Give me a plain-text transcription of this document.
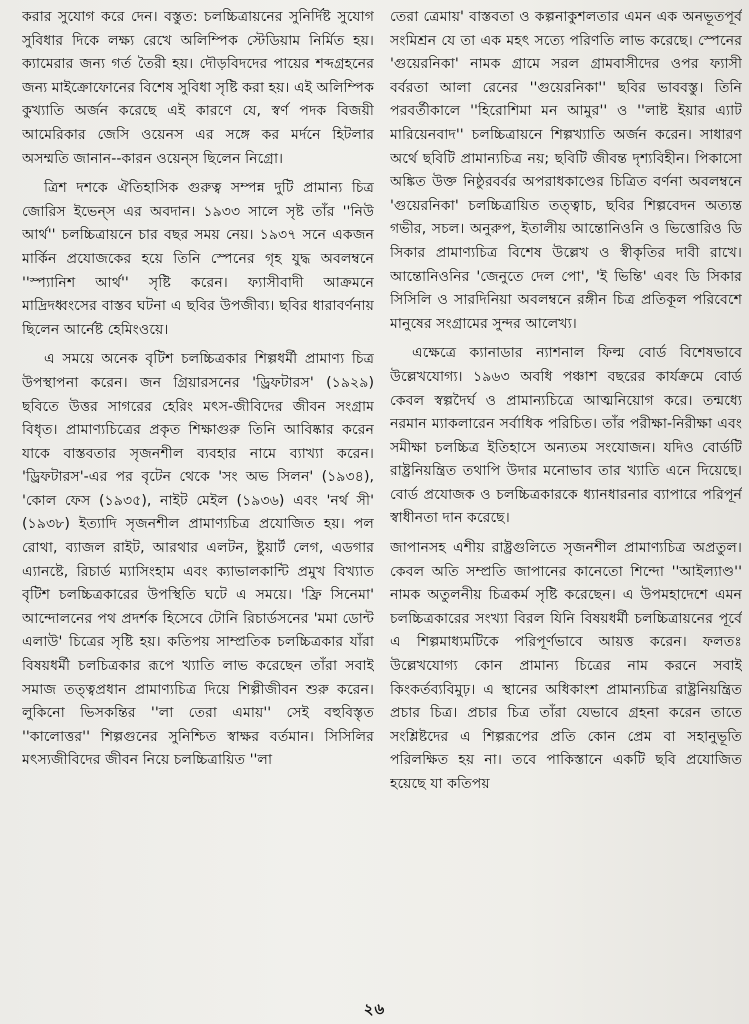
করার সুযোগ করে দেন। বস্তুত: চলচ্চিত্রায়নের সুনির্দিষ্ট সুযোগ সুবিধার দিকে লক্ষ্য রেখে অলিম্পিক স্টেডিয়াম নির্মিত হয়। ক্যামেরার জন্য গর্ত তৈরী হয়। দৌড়বিদদের পায়ের শব্দগ্রহনের জন্য মাইক্রোফোনের বিশেষ সুবিধা সৃষ্টি করা হয়। এই অলিম্পিক কুখ্যাতি অর্জন করেছে এই কারণে যে, স্বর্ণ পদক বিজয়ী আমেরিকার জেসি ওয়েনস এর সঙ্গে কর মর্দনে হিটলার অসম্মতি জানান--কারন ওয়েন্‌স ছিলেন নিগ্রো।

ত্রিশ দশকে ঐতিহাসিক গুরুত্ব সম্পন্ন দুটি প্রামান্য চিত্র জোরিস ইভেন্‌স এর অবদান। ১৯৩৩ সালে সৃষ্ট তাঁর ''নিউ আর্থ'' চলচ্চিত্রায়নে চার বছর সময় নেয়। ১৯৩৭ সনে একজন মার্কিন প্রযোজকের হয়ে তিনি স্পেনের গৃহ যুদ্ধ অবলম্বনে ''স্প্যানিশ আর্থ'' সৃষ্টি করেন। ফ্যাসীবাদী আক্রমনে মাদ্রিদধ্বংসের বাস্তব ঘটনা এ ছবির উপজীব্য। ছবির ধারাবর্ণনায় ছিলেন আর্নেষ্ট হেমিংওয়ে।

এ সময়ে অনেক বৃটিশ চলচ্চিত্রকার শিল্পধর্মী প্রামাণ্য চিত্র উপস্থাপনা করেন। জন গ্রিয়ারসনের 'ড্রিফটারস' (১৯২৯) ছবিতে উত্তর সাগরের হেরিং মৎস-জীবিদের জীবন সংগ্রাম বিধৃত। প্রামাণ্যচিত্রের প্রকৃত শিক্ষাগুরু তিনি আবিষ্কার করেন যাকে বাস্তবতার সৃজনশীল ব্যবহার নামে ব্যাখ্যা করেন। 'ড্রিফটারস'-এর পর বৃটেন থেকে 'সং অভ সিলন' (১৯৩৪), 'কোল ফেস (১৯৩৫), নাইট মেইল (১৯৩৬) এবং 'নর্থ সী' (১৯৩৮) ইত্যাদি সৃজনশীল প্রামাণ্যচিত্র প্রযোজিত হয়। পল রোথা, ব্যাজল রাইট, আরথার এলটন, ষ্টুয়ার্ট লেগ, এডগার এ্যানষ্টে, রিচার্ড ম্যাসিংহাম এবং ক্যাভালকান্টি প্রমুখ বিখ্যাত বৃটিশ চলচ্চিত্রকারের উপস্থিতি ঘটে এ সময়ে। 'ফ্রি সিনেমা' আন্দোলনের পথ প্রদর্শক হিসেবে টোনি রিচার্ডসনের 'মমা ডোন্ট এলাউ' চিত্রের সৃষ্টি হয়। কতিপয় সাম্প্রতিক চলচ্চিত্রকার যাঁরা বিষয়ধর্মী চলচিত্রকার রূপে খ্যাতি লাভ করেছেন তাঁরা সবাই সমাজ তত্ত্বপ্রধান প্রামাণ্যচিত্র দিয়ে শিল্পীজীবন শুরু করেন। লুকিনো ভিসকন্তির ''লা তেরা এমায়'' সেই বহুবিস্তৃত ''কালোত্তর'' শিল্পগুনের সুনিশ্চিত স্বাক্ষর বর্তমান। সিসিলির মৎস্যজীবিদের জীবন নিয়ে চলচ্চিত্রায়িত ''লা

তেরা ত্রেমায়' বাস্তবতা ও কল্পনাকুশলতার এমন এক অনভূতপূর্ব সংমিশ্রন যে তা এক মহৎ সত্যে পরিণতি লাভ করেছে। স্পেনের 'গুয়েরনিকা' নামক গ্রামে সরল গ্রামবাসীদের ওপর ফ্যাসী বর্বরতা আলা রেনের ''গুয়েরনিকা'' ছবির ভাববস্তু। তিনি পরবর্তীকালে ''হিরোশিমা মন আমুর'' ও ''লাষ্ট ইয়ার এ্যাট মারিয়েনবাদ'' চলচ্চিত্রায়নে শিল্পখ্যাতি অর্জন করেন। সাধারণ অর্থে ছবিটি প্রামান্যচিত্র নয়; ছবিটি জীবন্ত দৃশ্যবিহীন। পিকাসো অঙ্কিত উক্ত নিষ্ঠুরবর্বর অপরাধকাণ্ডের চিত্রিত বর্ণনা অবলম্বনে 'গুয়েরনিকা' চলচ্চিত্রায়িত তত্ত্বাচ, ছবির শিল্পবেদন অত্যন্ত গভীর, সচল। অনুরুপ, ইতালীয় আন্তোনিওনি ও ভিত্তোরিও ডি সিকার প্রামাণ্যচিত্র বিশেষ উল্লেখ ও স্বীকৃতির দাবী রাখে। আন্তোনিওনির 'জেনুতে দেল পো', 'ই ভিন্তি' এবং ডি সিকার সিসিলি ও সারদিনিয়া অবলম্বনে রঙ্গীন চিত্র প্রতিকূল পরিবেশে মানুষের সংগ্রামের সুন্দর আলেখ্য।

এক্ষেত্রে ক্যানাডার ন্যাশনাল ফিল্ম বোর্ড বিশেষভাবে উল্লেখযোগ্য। ১৯৬৩ অবধি পঞ্চাশ বছরের কার্যক্রমে বোর্ড কেবল স্বল্পদৈর্ঘ ও প্রামান্যচিত্রে আত্মনিয়োগ করে। তন্মধ্যে নরমান ম্যাকলারেন সর্বাধিক পরিচিত। তাঁর পরীক্ষা-নিরীক্ষা এবং সমীক্ষা চলচ্চিত্র ইতিহাসে অন্যতম সংযোজন। যদিও বোর্ডটি রাষ্ট্রনিয়ন্ত্রিত তথাপি উদার মনোভাব তার খ্যাতি এনে দিয়েছে। বোর্ড প্রযোজক ও চলচ্চিত্রকারকে ধ্যানধারনার ব্যাপারে পরিপূর্ন স্বাধীনতা দান করেছে।

জাপানসহ এশীয় রাষ্ট্রগুলিতে সৃজনশীল প্রামাণ্যচিত্র অপ্রতুল। কেবল অতি সম্প্রতি জাপানের কানেতো শিন্দো ''আইল্যাণ্ড'' নামক অতুলনীয় চিত্রকর্ম সৃষ্টি করেছেন। এ উপমহাদেশে এমন চলচ্চিত্রকারের সংখ্যা বিরল যিনি বিষয়ধর্মী চলচ্চিত্রায়নের পূর্বে এ শিল্পমাধ্যমটিকে পরিপূর্ণভাবে আয়ত্ত করেন। ফলতঃ উল্লেখযোগ্য কোন প্রামান্য চিত্রের নাম করনে সবাই কিংকর্তব্যবিমুঢ়। এ স্থানের অধিকাংশ প্রামান্যচিত্র রাষ্ট্রনিয়ন্ত্রিত প্রচার চিত্র। প্রচার চিত্র তাঁরা যেভাবে গ্রহনা করেন তাতে সংশ্লিষ্টদের এ শিল্পরূপের প্রতি কোন প্রেম বা সহানুভূতি পরিলক্ষিত হয় না। তবে পাকিস্তানে একটি ছবি প্রযোজিত হয়েছে যা কতিপয়

২৬
